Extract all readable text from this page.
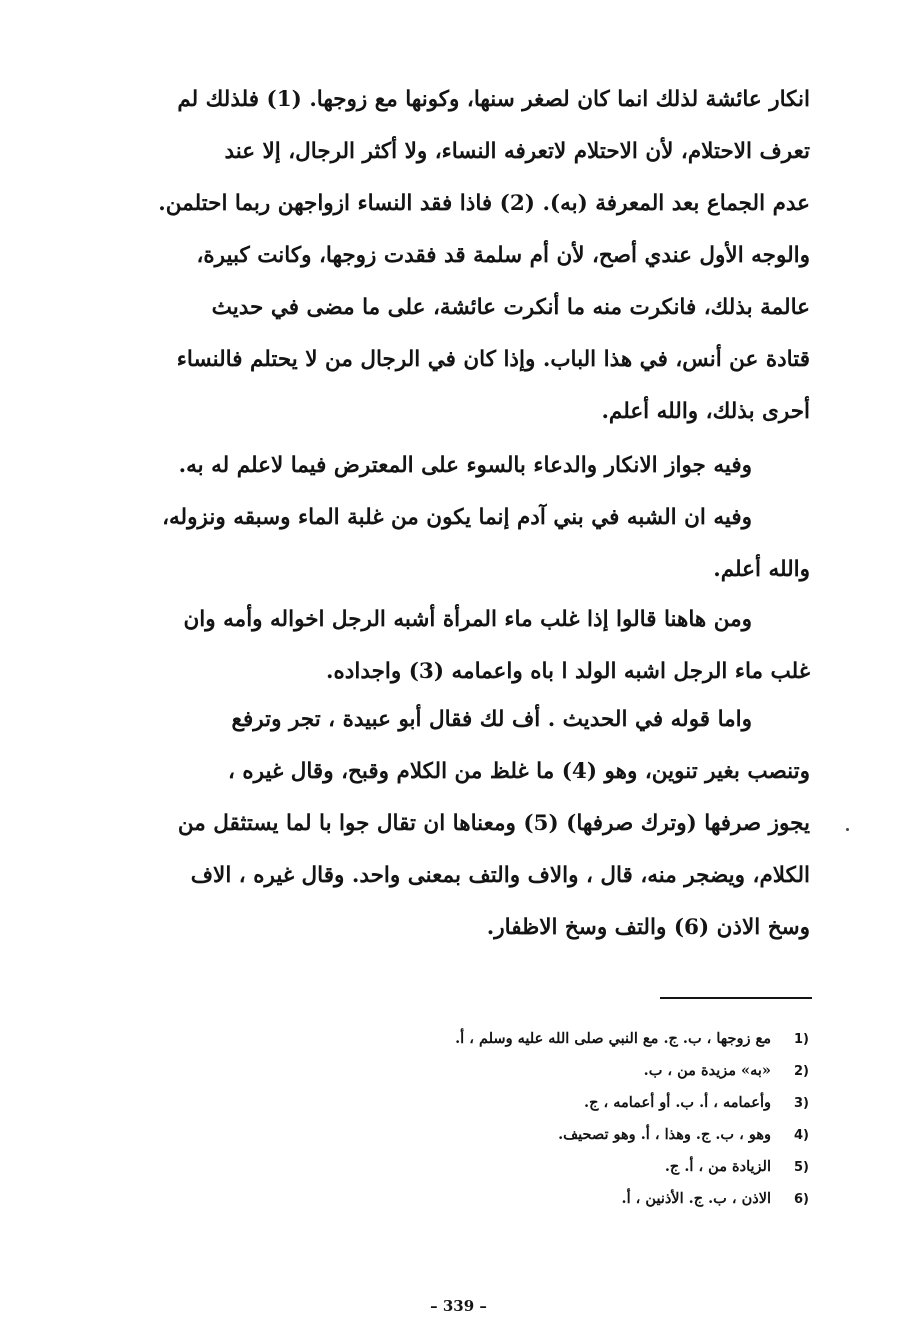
انكار عائشة لذلك انما كان لصغر سنها، وكونها مع زوجها. (1) فلذلك لم
تعرف الاحتلام، لأن الاحتلام لاتعرفه النساء، ولا أكثر الرجال، إلا عند
عدم الجماع بعد المعرفة (به). (2) فاذا فقد النساء ازواجهن ربما احتلمن.
والوجه الأول عندي أصح، لأن أم سلمة قد فقدت زوجها، وكانت كبيرة،
عالمة بذلك، فانكرت منه ما أنكرت عائشة، على ما مضى في حديث
قتادة عن أنس، في هذا الباب. وإذا كان في الرجال من لا يحتلم فالنساء
أحرى بذلك، والله أعلم.
وفيه جواز الانكار والدعاء بالسوء على المعترض فيما لاعلم له به.
وفيه ان الشبه في بني آدم إنما يكون من غلبة الماء وسبقه ونزوله،
والله أعلم.
ومن هاهنا قالوا إذا غلب ماء المرأة أشبه الرجل اخواله وأمه وان
غلب ماء الرجل اشبه الولد ا باه واعمامه (3) واجداده.
واما قوله في الحديث . أف لك فقال أبو عبيدة ، تجر وترفع
وتنصب بغير تنوين، وهو (4) ما غلظ من الكلام وقبح، وقال غيره ،
يجوز صرفها (وترك صرفها) (5) ومعناها ان تقال جوا با لما يستثقل من
الكلام، ويضجر منه، قال ، والاف والتف بمعنى واحد. وقال غيره ، الاف
وسخ الاذن (6) والتف وسخ الاظفار.
(1
مع زوجها ، ب. ج. مع النبي صلى الله عليه وسلم ، أ.
(2
«به» مزيدة من ، ب.
(3
وأعمامه ، أ. ب. أو أعمامه ، ج.
(4
وهو ، ب. ج. وهذا ، أ. وهو تصحيف.
(5
الزيادة من ، أ. ج.
(6
الاذن ، ب. ج. الأذنين ، أ.
– 339 –
